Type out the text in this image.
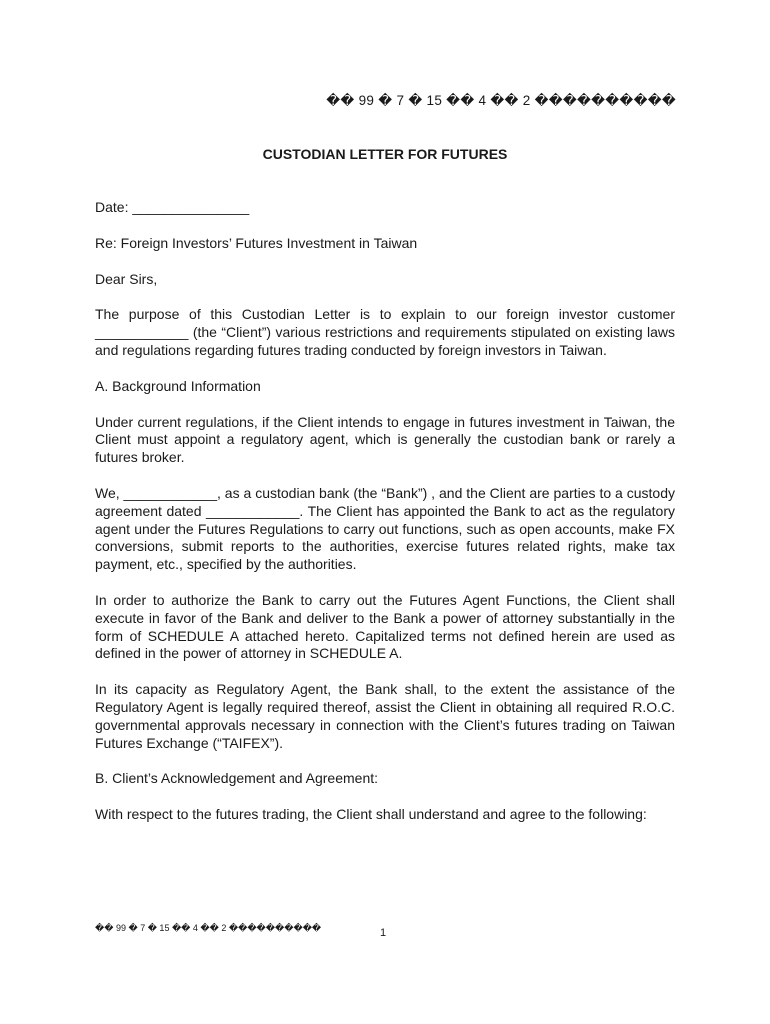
�� 99 � 7 � 15 �� 4 �� 2 ����������
CUSTODIAN LETTER FOR FUTURES

Date: _______________

Re: Foreign Investors’ Futures Investment in Taiwan

Dear Sirs,

The purpose of this Custodian Letter is to explain to our foreign investor customer ____________ (the “Client”) various restrictions and requirements stipulated on existing laws and regulations regarding futures trading conducted by foreign investors in Taiwan.

A. Background Information

Under current regulations, if the Client intends to engage in futures investment in Taiwan, the Client must appoint a regulatory agent, which is generally the custodian bank or rarely a futures broker.

We, ____________, as a custodian bank (the “Bank”) , and the Client are parties to a custody agreement dated ____________. The Client has appointed the Bank to act as the regulatory agent under the Futures Regulations to carry out functions, such as open accounts, make FX conversions, submit reports to the authorities, exercise futures related rights, make tax payment, etc., specified by the authorities.

In order to authorize the Bank to carry out the Futures Agent Functions, the Client shall execute in favor of the Bank and deliver to the Bank a power of attorney substantially in the form of SCHEDULE A attached hereto. Capitalized terms not defined herein are used as defined in the power of attorney in SCHEDULE A.

In its capacity as Regulatory Agent, the Bank shall, to the extent the assistance of the Regulatory Agent is legally required thereof, assist the Client in obtaining all required R.O.C. governmental approvals necessary in connection with the Client’s futures trading on Taiwan Futures Exchange (“TAIFEX”).

B. Client’s Acknowledgement and Agreement:

With respect to the futures trading, the Client shall understand and agree to the following:

�� 99 � 7 � 15 �� 4 �� 2 ����������	1
